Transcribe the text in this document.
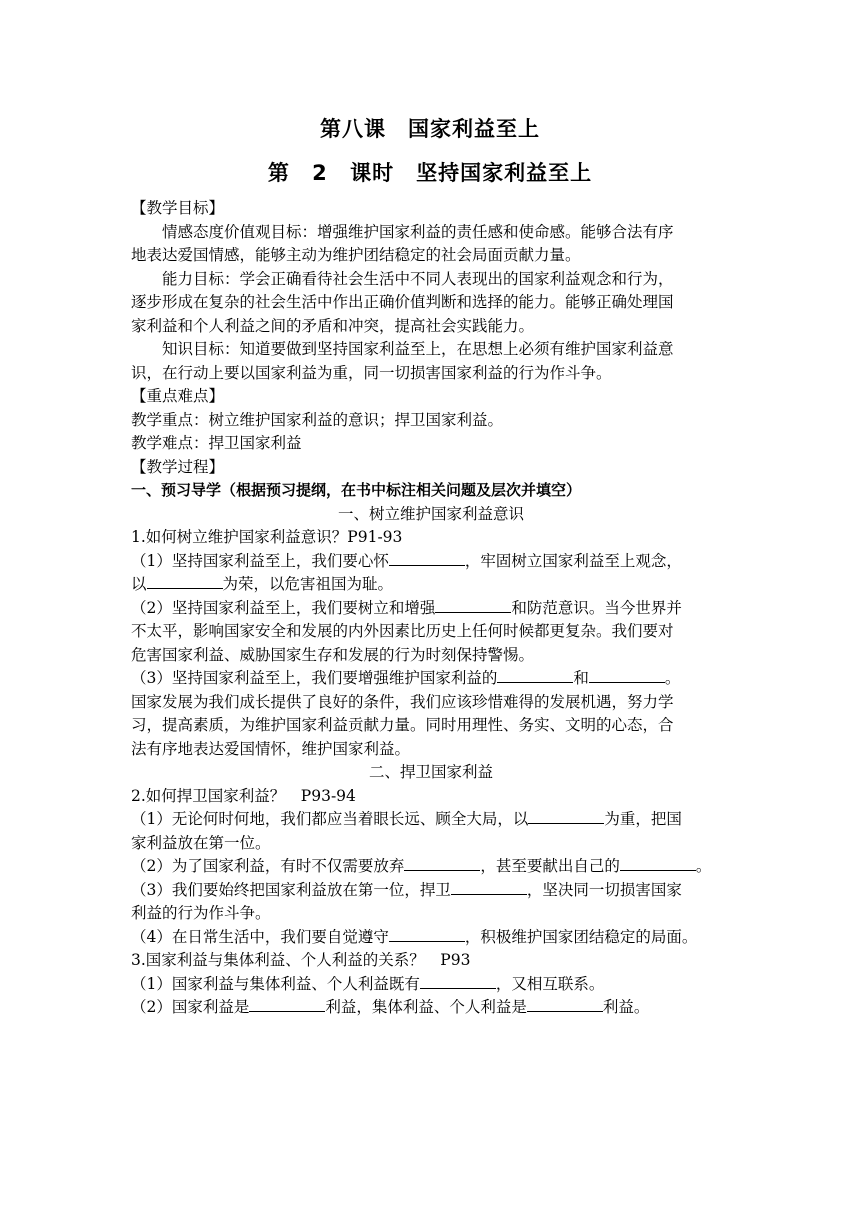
第八课　国家利益至上
第 2 课时　坚持国家利益至上
【教学目标】
情感态度价值观目标：增强维护国家利益的责任感和使命感。能够合法有序
地表达爱国情感，能够主动为维护团结稳定的社会局面贡献力量。
能力目标：学会正确看待社会生活中不同人表现出的国家利益观念和行为，
逐步形成在复杂的社会生活中作出正确价值判断和选择的能力。能够正确处理国
家利益和个人利益之间的矛盾和冲突，提高社会实践能力。
知识目标：知道要做到坚持国家利益至上，在思想上必须有维护国家利益意
识，在行动上要以国家利益为重，同一切损害国家利益的行为作斗争。
【重点难点】
教学重点：树立维护国家利益的意识；捍卫国家利益。
教学难点：捍卫国家利益
【教学过程】
一、预习导学（根据预习提纲，在书中标注相关问题及层次并填空）
一、树立维护国家利益意识
1.如何树立维护国家利益意识？P91-93
（1）坚持国家利益至上，我们要心怀	，牢固树立国家利益至上观念，
以	为荣，以危害祖国为耻。
（2）坚持国家利益至上，我们要树立和增强	和防范意识。当今世界并
不太平，影响国家安全和发展的内外因素比历史上任何时候都更复杂。我们要对
危害国家利益、威胁国家生存和发展的行为时刻保持警惕。
（3）坚持国家利益至上，我们要增强维护国家利益的	和	。
国家发展为我们成长提供了良好的条件，我们应该珍惜难得的发展机遇，努力学
习，提高素质，为维护国家利益贡献力量。同时用理性、务实、文明的心态，合
法有序地表达爱国情怀，维护国家利益。
二、捍卫国家利益
2.如何捍卫国家利益？　P93-94
（1）无论何时何地，我们都应当着眼长远、顾全大局，以	为重，把国
家利益放在第一位。
（2）为了国家利益，有时不仅需要放弃	，甚至要献出自己的	。
（3）我们要始终把国家利益放在第一位，捍卫	，坚决同一切损害国家
利益的行为作斗争。
（4）在日常生活中，我们要自觉遵守	，积极维护国家团结稳定的局面。
3.国家利益与集体利益、个人利益的关系？　P93
（1）国家利益与集体利益、个人利益既有	，又相互联系。
（2）国家利益是	利益，集体利益、个人利益是	利益。
